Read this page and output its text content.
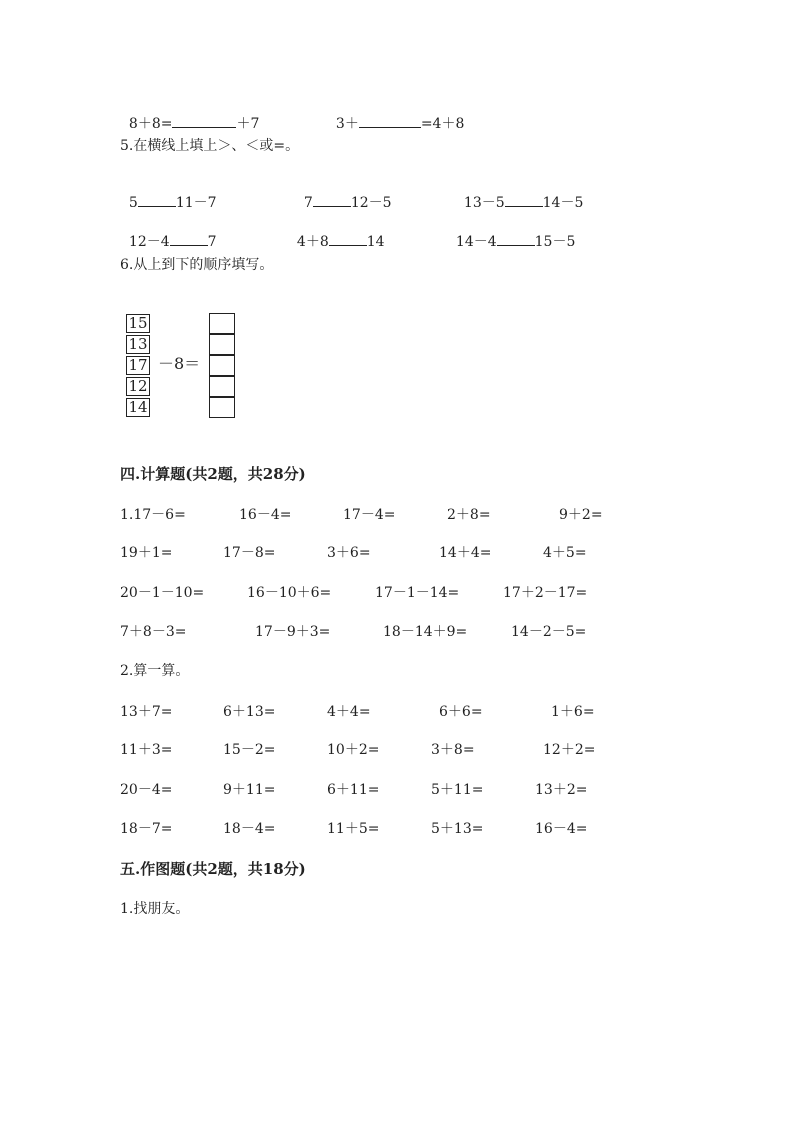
8＋8=	＋7	3＋	=4＋8

5.在横线上填上＞、＜或=。

5	11－7	7	12－5	13－5	14－5

12－4	7	4＋8	14	14－4	15－5

6.从上到下的顺序填写。
15
13
17
12
14
－8＝
四.计算题(共2题，共28分)
1.17－6=	16－4=	17－4=	2＋8=	9＋2=
19＋1=	17－8=	3＋6=	14＋4=	4＋5=
20－1－10=	16－10＋6=	17－1－14=	17＋2－17=
7＋8－3=	17－9＋3=	18－14＋9=	14－2－5=
2.算一算。
13＋7=	6＋13=	4＋4=	6＋6=	1＋6=
11＋3=	15－2=	10＋2=	3＋8=	12＋2=
20－4=	9＋11=	6＋11=	5＋11=	13＋2=
18－7=	18－4=	11＋5=	5＋13=	16－4=
五.作图题(共2题，共18分)
1.找朋友。
